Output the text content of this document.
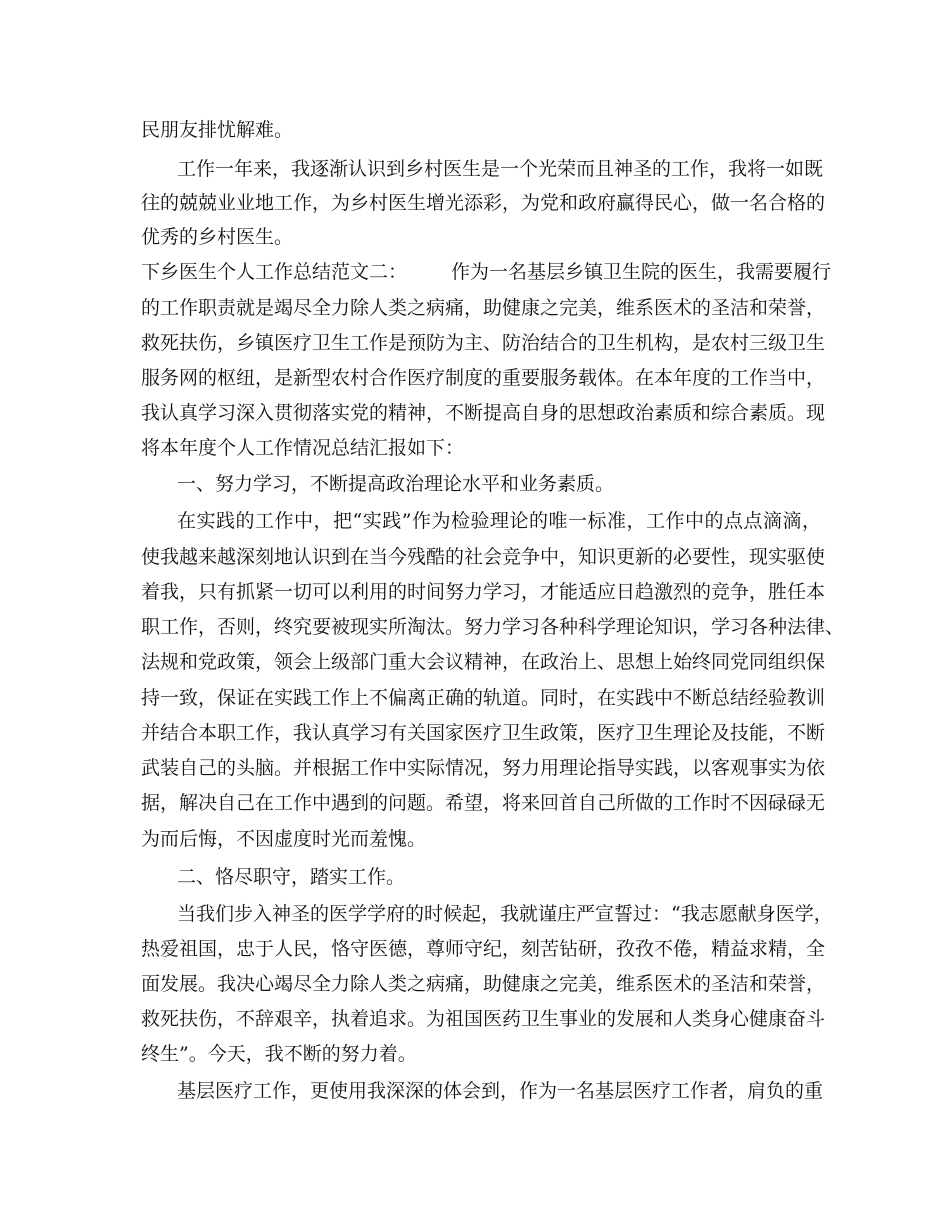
民朋友排忧解难。
工作一年来，我逐渐认识到乡村医生是一个光荣而且神圣的工作，我将一如既
往的兢兢业业地工作，为乡村医生增光添彩，为党和政府赢得民心，做一名合格的
优秀的乡村医生。
下乡医生个人工作总结范文二： 作为一名基层乡镇卫生院的医生，我需要履行
的工作职责就是竭尽全力除人类之病痛，助健康之完美，维系医术的圣洁和荣誉，
救死扶伤，乡镇医疗卫生工作是预防为主、防治结合的卫生机构，是农村三级卫生
服务网的枢纽，是新型农村合作医疗制度的重要服务载体。在本年度的工作当中，
我认真学习深入贯彻落实党的精神，不断提高自身的思想政治素质和综合素质。现
将本年度个人工作情况总结汇报如下：
一、努力学习，不断提高政治理论水平和业务素质。
在实践的工作中，把“实践”作为检验理论的唯一标准，工作中的点点滴滴，
使我越来越深刻地认识到在当今残酷的社会竞争中，知识更新的必要性，现实驱使
着我，只有抓紧一切可以利用的时间努力学习，才能适应日趋激烈的竞争，胜任本
职工作，否则，终究要被现实所淘汰。努力学习各种科学理论知识，学习各种法律、
法规和党政策，领会上级部门重大会议精神，在政治上、思想上始终同党同组织保
持一致，保证在实践工作上不偏离正确的轨道。同时，在实践中不断总结经验教训
并结合本职工作，我认真学习有关国家医疗卫生政策，医疗卫生理论及技能，不断
武装自己的头脑。并根据工作中实际情况，努力用理论指导实践，以客观事实为依
据，解决自己在工作中遇到的问题。希望，将来回首自己所做的工作时不因碌碌无
为而后悔，不因虚度时光而羞愧。
二、恪尽职守，踏实工作。
当我们步入神圣的医学学府的时候起，我就谨庄严宣誓过：“我志愿献身医学，
热爱祖国，忠于人民，恪守医德，尊师守纪，刻苦钻研，孜孜不倦，精益求精，全
面发展。我决心竭尽全力除人类之病痛，助健康之完美，维系医术的圣洁和荣誉，
救死扶伤，不辞艰辛，执着追求。为祖国医药卫生事业的发展和人类身心健康奋斗
终生”。今天，我不断的努力着。
基层医疗工作，更使用我深深的体会到，作为一名基层医疗工作者，肩负的重
